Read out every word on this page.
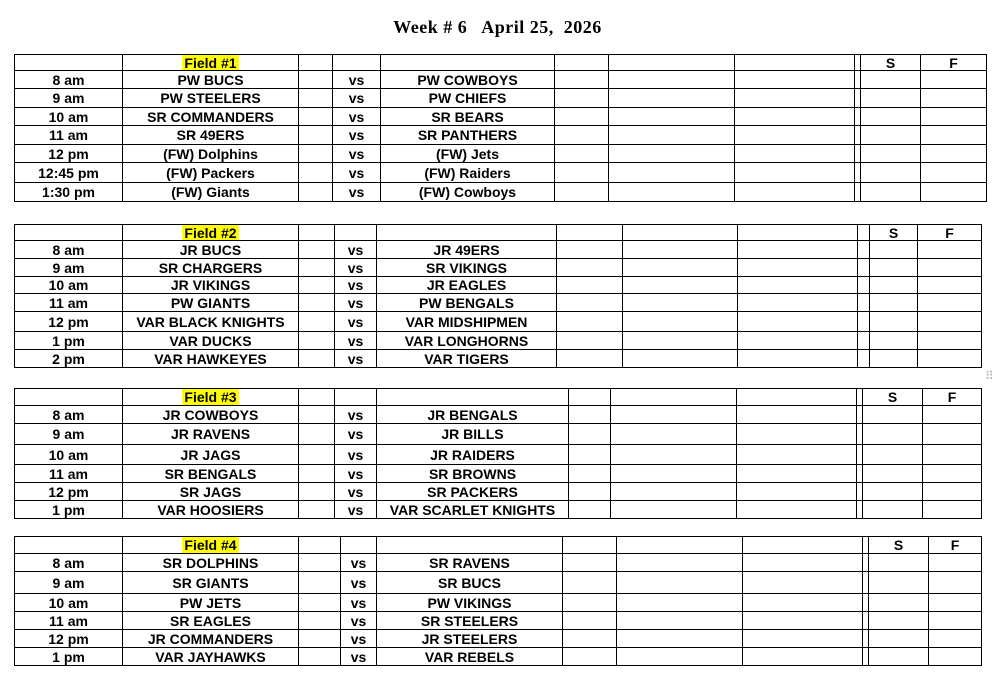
Week # 6   April 25,  2026
	Field #1								S	F
8 am	PW BUCS		vs	PW COWBOYS						
9 am	PW STEELERS		vs	PW CHIEFS						
10 am	SR COMMANDERS		vs	SR BEARS						
11 am	SR 49ERS		vs	SR PANTHERS						
12 pm	(FW) Dolphins		vs	(FW) Jets						
12:45 pm	(FW) Packers		vs	(FW) Raiders						
1:30 pm	(FW) Giants		vs	(FW) Cowboys						
	Field #2								S	F
8 am	JR BUCS		vs	JR 49ERS						
9 am	SR CHARGERS		vs	SR VIKINGS						
10 am	JR VIKINGS		vs	JR EAGLES						
11 am	PW GIANTS		vs	PW BENGALS						
12 pm	VAR BLACK KNIGHTS		vs	VAR MIDSHIPMEN						
1 pm	VAR DUCKS		vs	VAR LONGHORNS						
2 pm	VAR HAWKEYES		vs	VAR TIGERS						
	Field #3								S	F
8 am	JR COWBOYS		vs	JR BENGALS						
9 am	JR RAVENS		vs	JR BILLS						
10 am	JR JAGS		vs	JR RAIDERS						
11 am	SR BENGALS		vs	SR BROWNS						
12 pm	SR JAGS		vs	SR PACKERS						
1 pm	VAR HOOSIERS		vs	VAR SCARLET KNIGHTS						
	Field #4								S	F
8 am	SR DOLPHINS		vs	SR RAVENS						
9 am	SR GIANTS		vs	SR BUCS						
10 am	PW JETS		vs	PW VIKINGS						
11 am	SR EAGLES		vs	SR STEELERS						
12 pm	JR COMMANDERS		vs	JR STEELERS						
1 pm	VAR JAYHAWKS		vs	VAR REBELS						
⠿
